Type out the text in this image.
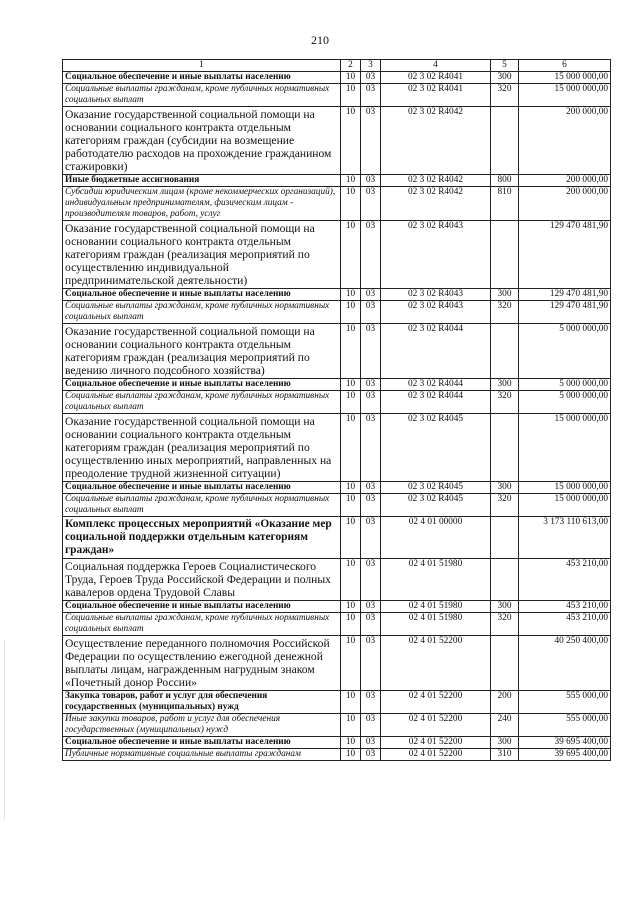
210
1	2	3	4	5	6
Социальное обеспечение и иные выплаты населению	10	03	02 3 02 R4041	300	15 000 000,00
Социальные выплаты гражданам, кроме публичных нормативных социальных выплат	10	03	02 3 02 R4041	320	15 000 000,00
Оказание государственной социальной помощи на основании социального контракта отдельным категориям граждан (субсидии на возмещение работодателю расходов на прохождение гражданином стажировки)	10	03	02 3 02 R4042		200 000,00
Иные бюджетные ассигнования	10	03	02 3 02 R4042	800	200 000,00
Субсидии юридическим лицам (кроме некоммерческих организаций), индивидуальным предпринимателям, физическим лицам - производителям товаров, работ, услуг	10	03	02 3 02 R4042	810	200 000,00
Оказание государственной социальной помощи на основании социального контракта отдельным категориям граждан (реализация мероприятий по осуществлению индивидуальной предпринимательской деятельности)	10	03	02 3 02 R4043		129 470 481,90
Социальное обеспечение и иные выплаты населению	10	03	02 3 02 R4043	300	129 470 481,90
Социальные выплаты гражданам, кроме публичных нормативных социальных выплат	10	03	02 3 02 R4043	320	129 470 481,90
Оказание государственной социальной помощи на основании социального контракта отдельным категориям граждан (реализация мероприятий по ведению личного подсобного хозяйства)	10	03	02 3 02 R4044		5 000 000,00
Социальное обеспечение и иные выплаты населению	10	03	02 3 02 R4044	300	5 000 000,00
Социальные выплаты гражданам, кроме публичных нормативных социальных выплат	10	03	02 3 02 R4044	320	5 000 000,00
Оказание государственной социальной помощи на основании социального контракта отдельным категориям граждан (реализация мероприятий по осуществлению иных мероприятий, направленных на преодоление трудной жизненной ситуации)	10	03	02 3 02 R4045		15 000 000,00
Социальное обеспечение и иные выплаты населению	10	03	02 3 02 R4045	300	15 000 000,00
Социальные выплаты гражданам, кроме публичных нормативных социальных выплат	10	03	02 3 02 R4045	320	15 000 000,00
Комплекс процессных мероприятий «Оказание мер социальной поддержки отдельным категориям граждан»	10	03	02 4 01 00000		3 173 110 613,00
Социальная поддержка Героев Социалистического Труда, Героев Труда Российской Федерации и полных кавалеров ордена Трудовой Славы	10	03	02 4 01 51980		453 210,00
Социальное обеспечение и иные выплаты населению	10	03	02 4 01 51980	300	453 210,00
Социальные выплаты гражданам, кроме публичных нормативных социальных выплат	10	03	02 4 01 51980	320	453 210,00
Осуществление переданного полномочия Российской Федерации по осуществлению ежегодной денежной выплаты лицам, награжденным нагрудным знаком «Почетный донор России»	10	03	02 4 01 52200		40 250 400,00
Закупка товаров, работ и услуг для обеспечения государственных (муниципальных) нужд	10	03	02 4 01 52200	200	555 000,00
Иные закупки товаров, работ и услуг для обеспечения государственных (муниципальных) нужд	10	03	02 4 01 52200	240	555 000,00
Социальное обеспечение и иные выплаты населению	10	03	02 4 01 52200	300	39 695 400,00
Публичные нормативные социальные выплаты гражданам	10	03	02 4 01 52200	310	39 695 400,00
